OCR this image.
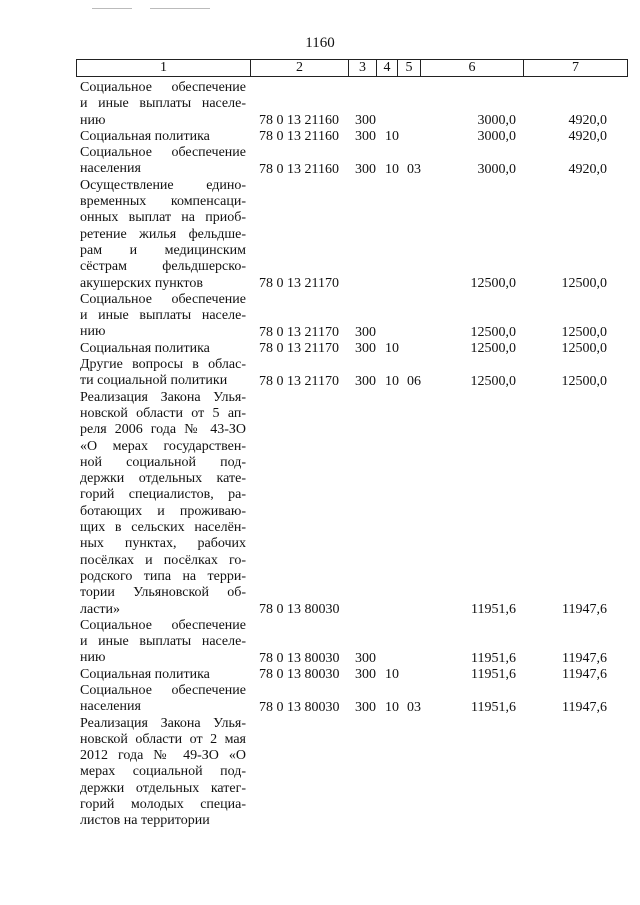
1160
1	2	3	4	5	6	7
Социальное обеспечение
и иные выплаты населе-
нию	78 0 13 21160 300	3000,0	4920,0
Социальная политика	78 0 13 21160 300 10	3000,0	4920,0
Социальное обеспечение
населения	78 0 13 21160 300 10 03	3000,0	4920,0
Осуществление едино-
временных компенсаци-
онных выплат на приоб-
ретение жилья фельдше-
рам и медицинским
сёстрам фельдшерско-
акушерских пунктов	78 0 13 21170	12500,0	12500,0
Социальное обеспечение
и иные выплаты населе-
нию	78 0 13 21170 300	12500,0	12500,0
Социальная политика	78 0 13 21170 300 10	12500,0	12500,0
Другие вопросы в облас-
ти социальной политики	78 0 13 21170 300 10 06	12500,0	12500,0
Реализация Закона Улья-
новской области от 5 ап-
реля 2006 года № 43-ЗО
«О мерах государствен-
ной социальной под-
держки отдельных кате-
горий специалистов, ра-
ботающих и проживаю-
щих в сельских населён-
ных пунктах, рабочих
посёлках и посёлках го-
родского типа на терри-
тории Ульяновской об-
ласти»	78 0 13 80030	11951,6	11947,6
Социальное обеспечение
и иные выплаты населе-
нию	78 0 13 80030 300	11951,6	11947,6
Социальная политика	78 0 13 80030 300 10	11951,6	11947,6
Социальное обеспечение
населения	78 0 13 80030 300 10 03	11951,6	11947,6
Реализация Закона Улья-
новской области от 2 мая
2012 года № 49-ЗО «О
мерах социальной под-
держки отдельных катег-
горий молодых специа-
листов на территории
